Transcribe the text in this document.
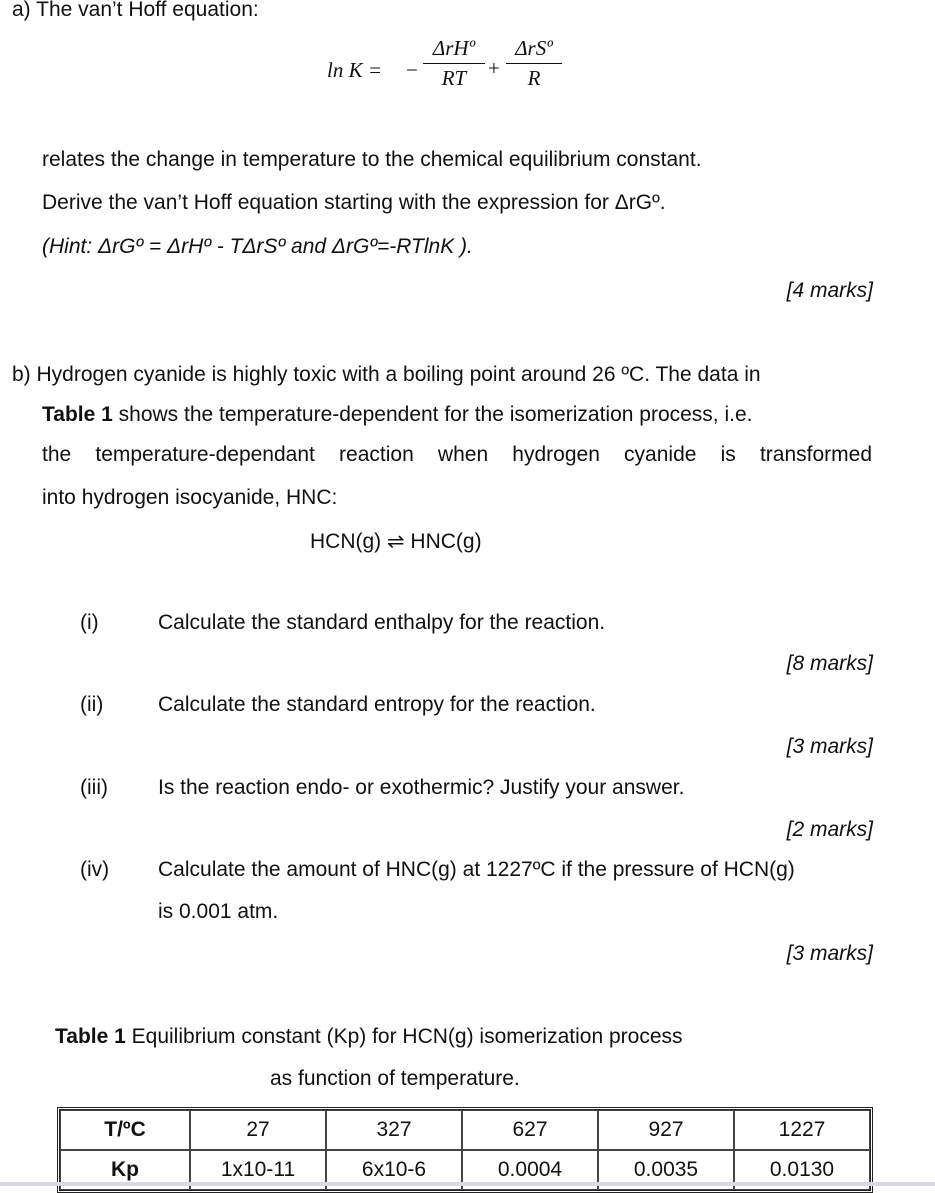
a) The van’t Hoff equation:
ln K = −
ΔrHº
RT	+
ΔrSº
R
relates the change in temperature to the chemical equilibrium constant.
Derive the van’t Hoff equation starting with the expression for ΔrGº.
(Hint: ΔrGº = ΔrHº - TΔrSº and ΔrGº=-RTlnK ).
[4 marks]
b) Hydrogen cyanide is highly toxic with a boiling point around 26 ºC. The data in
Table 1 shows the temperature-dependent for the isomerization process, i.e.
the temperature-dependant reaction when hydrogen cyanide is transformed
into hydrogen isocyanide, HNC:
HCN(g) ⇌ HNC(g)
(i)	Calculate the standard enthalpy for the reaction.
[8 marks]
(ii)	Calculate the standard entropy for the reaction.
[3 marks]
(iii) Is the reaction endo- or exothermic? Justify your answer.
[2 marks]
(iv) Calculate the amount of HNC(g) at 1227ºC if the pressure of HCN(g)
is 0.001 atm.
[3 marks]
Table 1 Equilibrium constant (Kp) for HCN(g) isomerization process
as function of temperature.
T/ºC	27	327	627	927	1227
Kp	1x10-11	6x10-6	0.0004	0.0035	0.0130
